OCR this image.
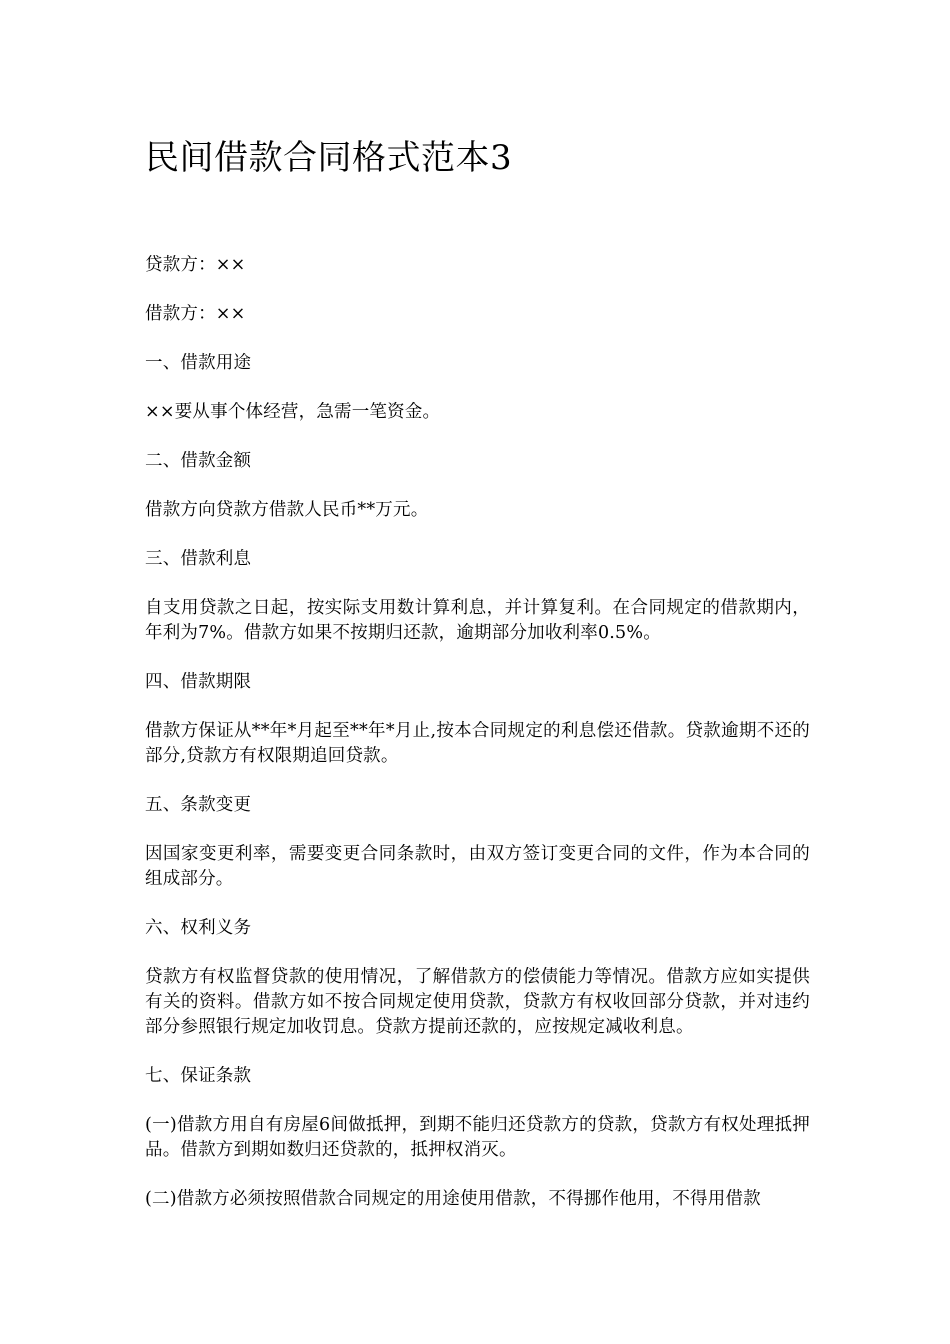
民间借款合同格式范本3

贷款方：××

借款方：××

一、借款用途

××要从事个体经营，急需一笔资金。

二、借款金额

借款方向贷款方借款人民币**万元。

三、借款利息

自支用贷款之日起，按实际支用数计算利息，并计算复利。在合同规定的借款期内，年利为7%。借款方如果不按期归还款，逾期部分加收利率0.5%。

四、借款期限

借款方保证从**年*月起至**年*月止,按本合同规定的利息偿还借款。贷款逾期不还的部分,贷款方有权限期追回贷款。

五、条款变更

因国家变更利率，需要变更合同条款时，由双方签订变更合同的文件，作为本合同的组成部分。

六、权利义务

贷款方有权监督贷款的使用情况，了解借款方的偿债能力等情况。借款方应如实提供有关的资料。借款方如不按合同规定使用贷款，贷款方有权收回部分贷款，并对违约部分参照银行规定加收罚息。贷款方提前还款的，应按规定减收利息。

七、保证条款

(一)借款方用自有房屋6间做抵押，到期不能归还贷款方的贷款，贷款方有权处理抵押品。借款方到期如数归还贷款的，抵押权消灭。

(二)借款方必须按照借款合同规定的用途使用借款，不得挪作他用，不得用借款
